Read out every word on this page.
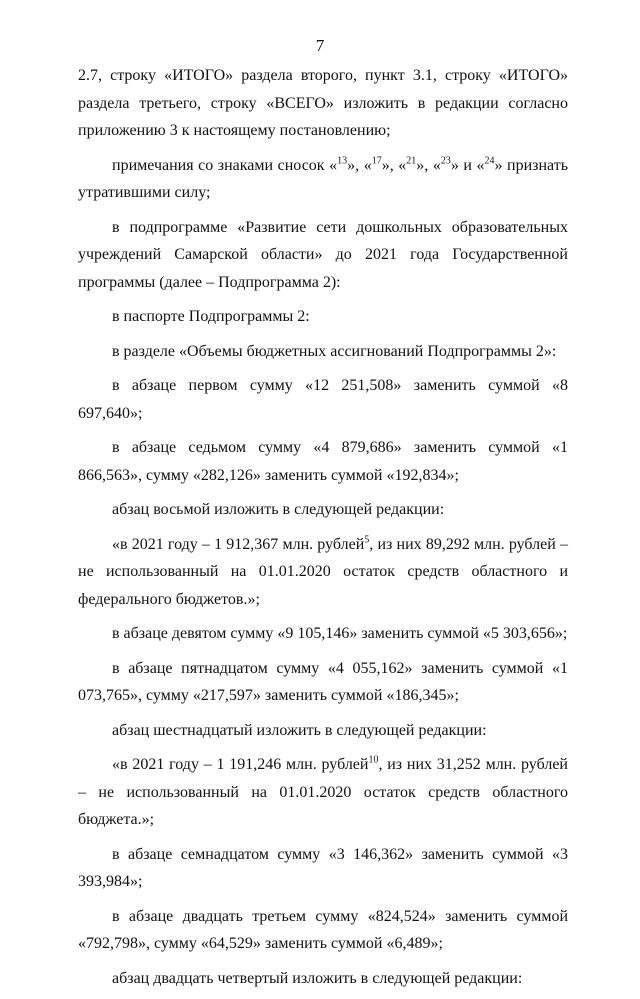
7

2.7, строку «ИТОГО» раздела второго, пункт 3.1, строку «ИТОГО» раздела третьего, строку «ВСЕГО» изложить в редакции согласно приложению 3 к настоящему постановлению;

примечания со знаками сносок «$^{13}$», «$^{17}$», «$^{21}$», «$^{23}$» и «$^{24}$» признать утратившими силу;

в подпрограмме «Развитие сети дошкольных образовательных учреждений Самарской области» до 2021 года Государственной программы (далее – Подпрограмма 2):

в паспорте Подпрограммы 2:

в разделе «Объемы бюджетных ассигнований Подпрограммы 2»:

в абзаце первом сумму «12 251,508» заменить суммой «8 697,640»;

в абзаце седьмом сумму «4 879,686» заменить суммой «1 866,563», сумму «282,126» заменить суммой «192,834»;

абзац восьмой изложить в следующей редакции:

«в 2021 году – 1 912,367 млн. рублей$^5$, из них 89,292 млн. рублей – не использованный на 01.01.2020 остаток средств областного и федерального бюджетов.»;

в абзаце девятом сумму «9 105,146» заменить суммой «5 303,656»;

в абзаце пятнадцатом сумму «4 055,162» заменить суммой «1 073,765», сумму «217,597» заменить суммой «186,345»;

абзац шестнадцатый изложить в следующей редакции:

«в 2021 году – 1 191,246 млн. рублей$^{10}$, из них 31,252 млн. рублей – не использованный на 01.01.2020 остаток средств областного бюджета.»;

в абзаце семнадцатом сумму «3 146,362» заменить суммой «3 393,984»;

в абзаце двадцать третьем сумму «824,524» заменить суммой «792,798», сумму «64,529» заменить суммой «6,489»;

абзац двадцать четвертый изложить в следующей редакции:
